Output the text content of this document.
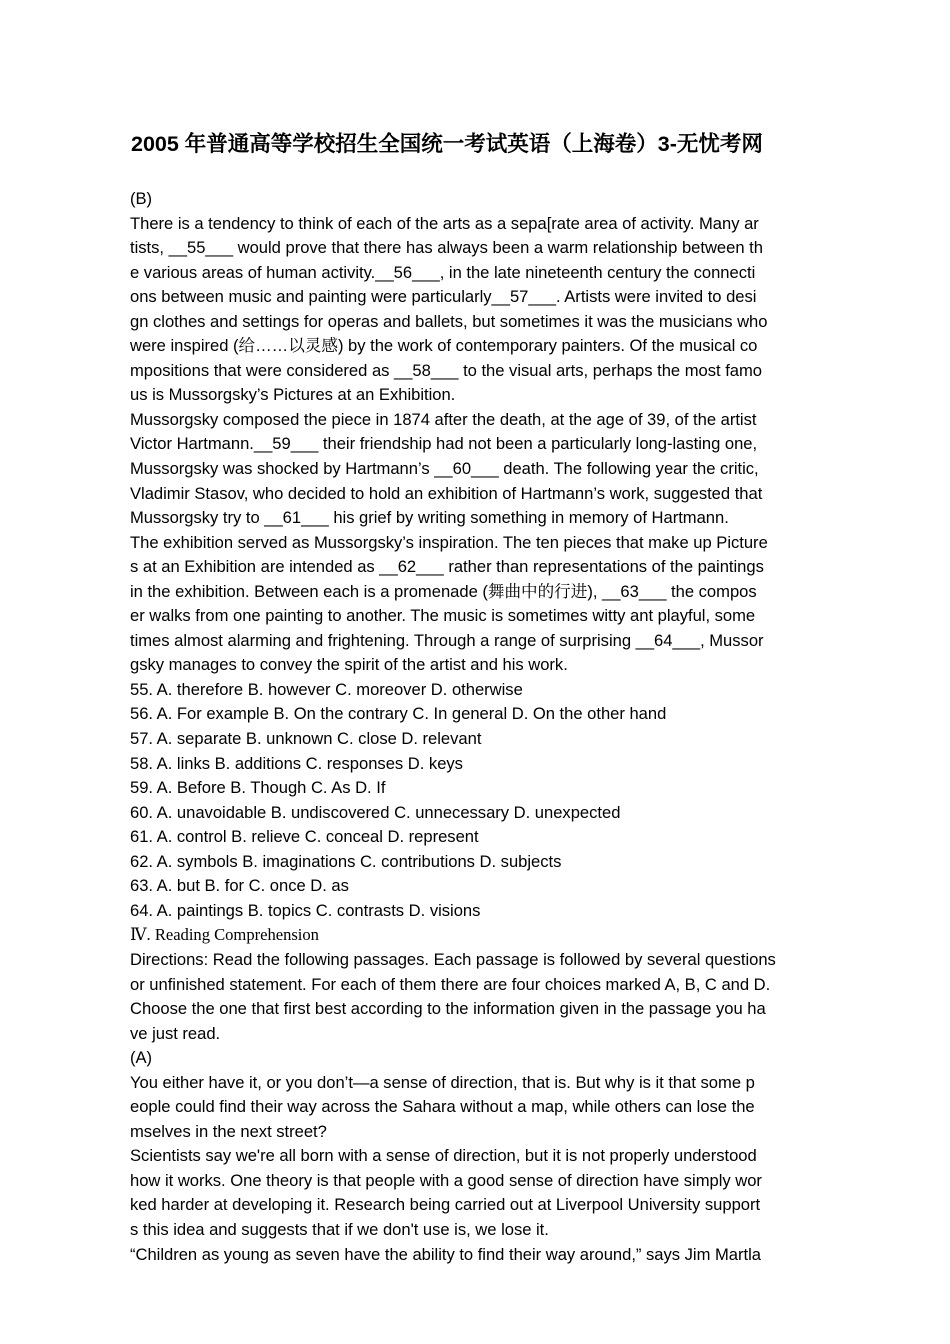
2005 年普通高等学校招生全国统一考试英语（上海卷）3-无忧考网
(B)
There is a tendency to think of each of the arts as a sepa[rate area of activity. Many ar
tists, __55___ would prove that there has always been a warm relationship between th
e various areas of human activity.__56___, in the late nineteenth century the connecti
ons between music and painting were particularly__57___. Artists were invited to desi
gn clothes and settings for operas and ballets, but sometimes it was the musicians who
were inspired (给……以灵感) by the work of contemporary painters. Of the musical co
mpositions that were considered as __58___ to the visual arts, perhaps the most famo
us is Mussorgsky’s Pictures at an Exhibition.
Mussorgsky composed the piece in 1874 after the death, at the age of 39, of the artist
Victor Hartmann.__59___ their friendship had not been a particularly long-lasting one,
Mussorgsky was shocked by Hartmann’s __60___ death. The following year the critic,
Vladimir Stasov, who decided to hold an exhibition of Hartmann’s work, suggested that
Mussorgsky try to __61___ his grief by writing something in memory of Hartmann.
The exhibition served as Mussorgsky’s inspiration. The ten pieces that make up Picture
s at an Exhibition are intended as __62___ rather than representations of the paintings
in the exhibition. Between each is a promenade (舞曲中的行进), __63___ the compos
er walks from one painting to another. The music is sometimes witty ant playful, some
times almost alarming and frightening. Through a range of surprising __64___, Mussor
gsky manages to convey the spirit of the artist and his work.
55. A. therefore B. however C. moreover D. otherwise
56. A. For example B. On the contrary C. In general D. On the other hand
57. A. separate B. unknown C. close D. relevant
58. A. links B. additions C. responses D. keys
59. A. Before B. Though C. As D. If
60. A. unavoidable B. undiscovered C. unnecessary D. unexpected
61. A. control B. relieve C. conceal D. represent
62. A. symbols B. imaginations C. contributions D. subjects
63. A. but B. for C. once D. as
64. A. paintings B. topics C. contrasts D. visions
Ⅳ. Reading Comprehension
Directions: Read the following passages. Each passage is followed by several questions
or unfinished statement. For each of them there are four choices marked A, B, C and D.
Choose the one that first best according to the information given in the passage you ha
ve just read.
(A)
You either have it, or you don’t—a sense of direction, that is. But why is it that some p
eople could find their way across the Sahara without a map, while others can lose the
mselves in the next street?
Scientists say we're all born with a sense of direction, but it is not properly understood
how it works. One theory is that people with a good sense of direction have simply wor
ked harder at developing it. Research being carried out at Liverpool University support
s this idea and suggests that if we don't use is, we lose it.
“Children as young as seven have the ability to find their way around,” says Jim Martla
